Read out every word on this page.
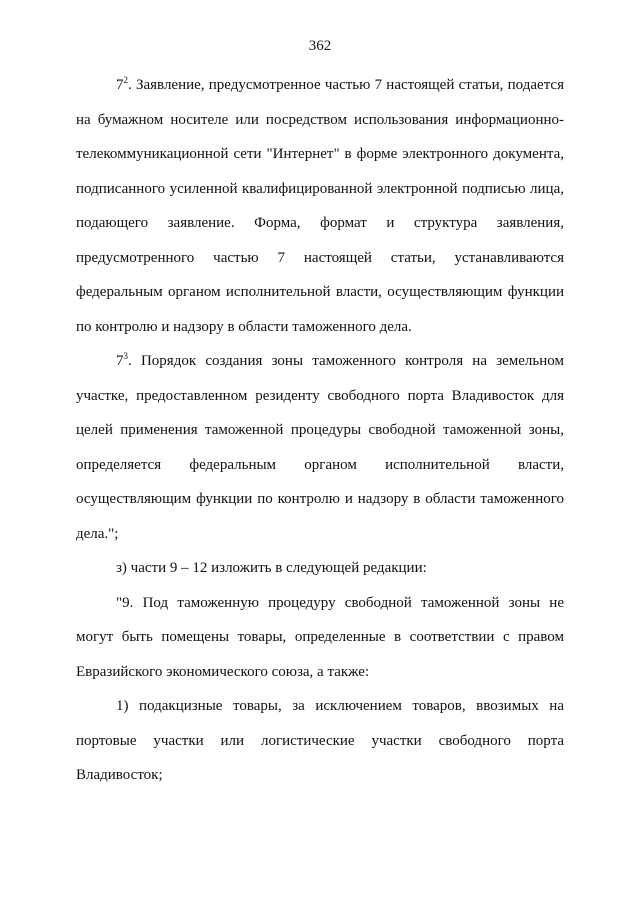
362

$7^2$. Заявление, предусмотренное частью 7 настоящей статьи, подается на бумажном носителе или посредством использования информационно-телекоммуникационной сети "Интернет" в форме электронного документа, подписанного усиленной квалифицированной электронной подписью лица, подающего заявление. Форма, формат и структура заявления, предусмотренного частью 7 настоящей статьи, устанавливаются федеральным органом исполнительной власти, осуществляющим функции по контролю и надзору в области таможенного дела.

$7^3$. Порядок создания зоны таможенного контроля на земельном участке, предоставленном резиденту свободного порта Владивосток для целей применения таможенной процедуры свободной таможенной зоны, определяется федеральным органом исполнительной власти, осуществляющим функции по контролю и надзору в области таможенного дела.";

з) части 9 – 12 изложить в следующей редакции:

"9. Под таможенную процедуру свободной таможенной зоны не могут быть помещены товары, определенные в соответствии с правом Евразийского экономического союза, а также:

1) подакцизные товары, за исключением товаров, ввозимых на портовые участки или логистические участки свободного порта Владивосток;
